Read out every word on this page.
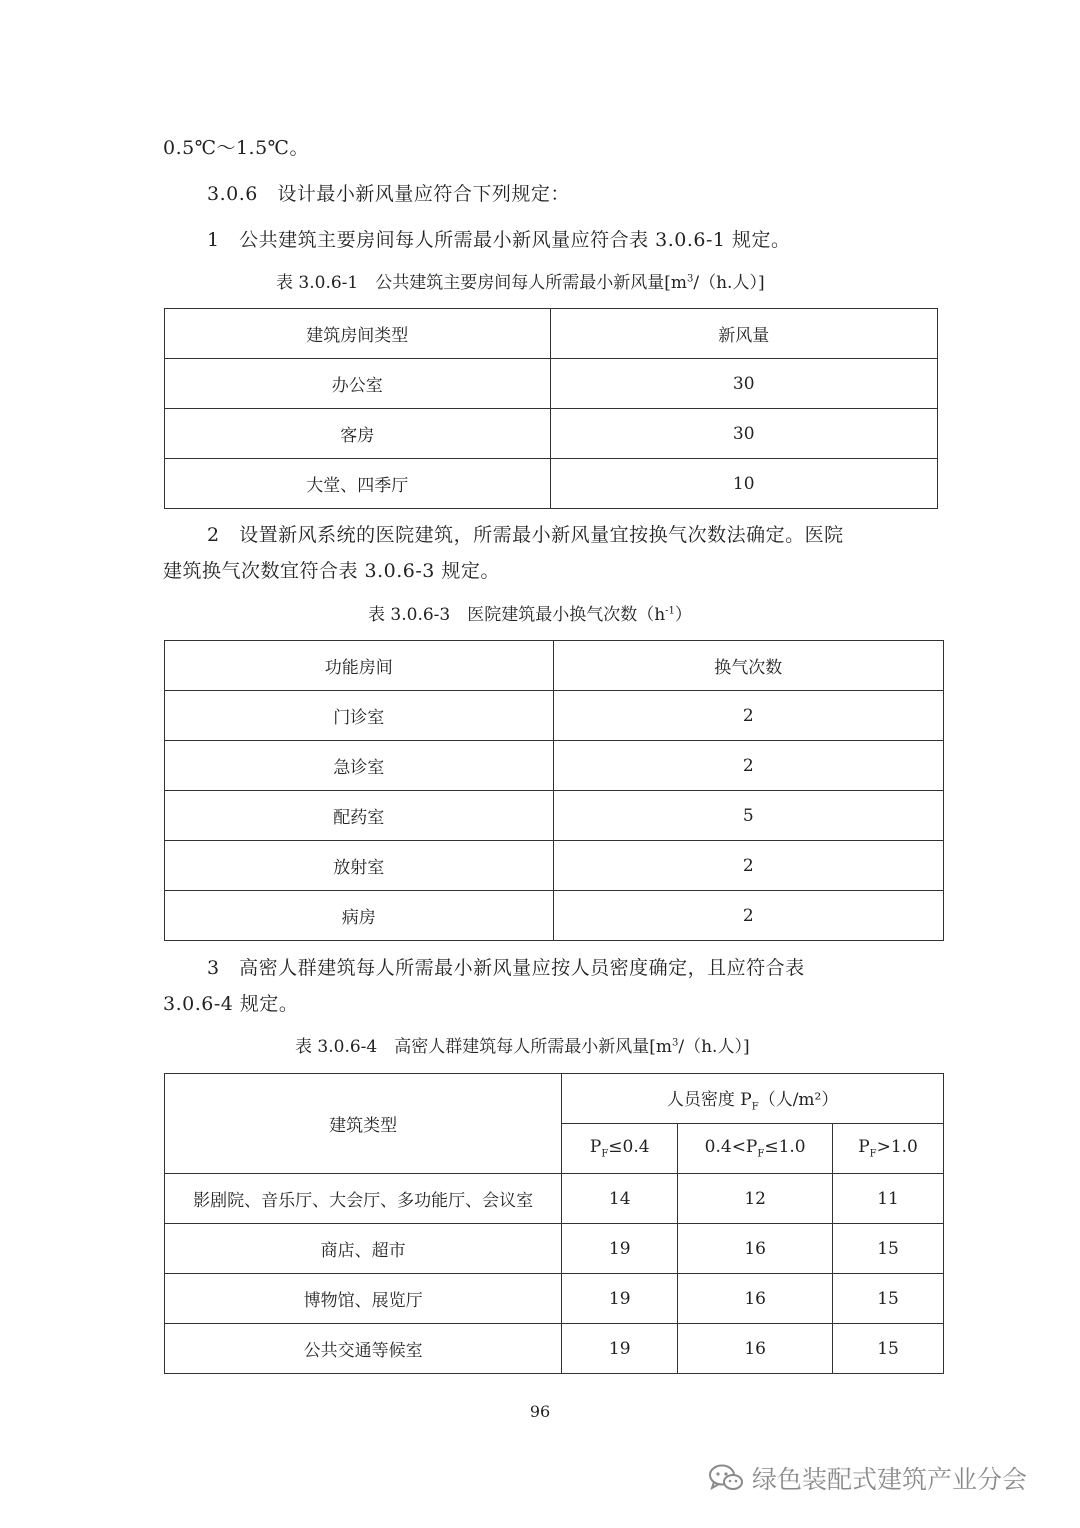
0.5℃～1.5℃。
3.0.6　设计最小新风量应符合下列规定：
1　公共建筑主要房间每人所需最小新风量应符合表 3.0.6-1 规定。
表 3.0.6-1　公共建筑主要房间每人所需最小新风量[$m^3/(h$.人）]
建筑房间类型	新风量
办公室	30
客房	30
大堂、四季厅	10
2　设置新风系统的医院建筑，所需最小新风量宜按换气次数法确定。医院
建筑换气次数宜符合表 3.0.6-3 规定。
表 3.0.6-3　医院建筑最小换气次数$(h^{-1})$
功能房间	换气次数
门诊室	2
急诊室	2
配药室	5
放射室	2
病房	2
3　高密人群建筑每人所需最小新风量应按人员密度确定，且应符合表
3.0.6-4 规定。
表 3.0.6-4　高密人群建筑每人所需最小新风量[$m^3/(h$.人）]
建筑类型	人员密度 $P_F$（人/m²）		
	$P_F\le 0.4$	$0.4<P_F\le 1.0$	$P_F>1.0$
影剧院、音乐厅、大会厅、多功能厅、会议室	14	12	11
商店、超市	19	16	15
博物馆、展览厅	19	16	15
公共交通等候室	19	16	15
96
绿色装配式建筑产业分会
